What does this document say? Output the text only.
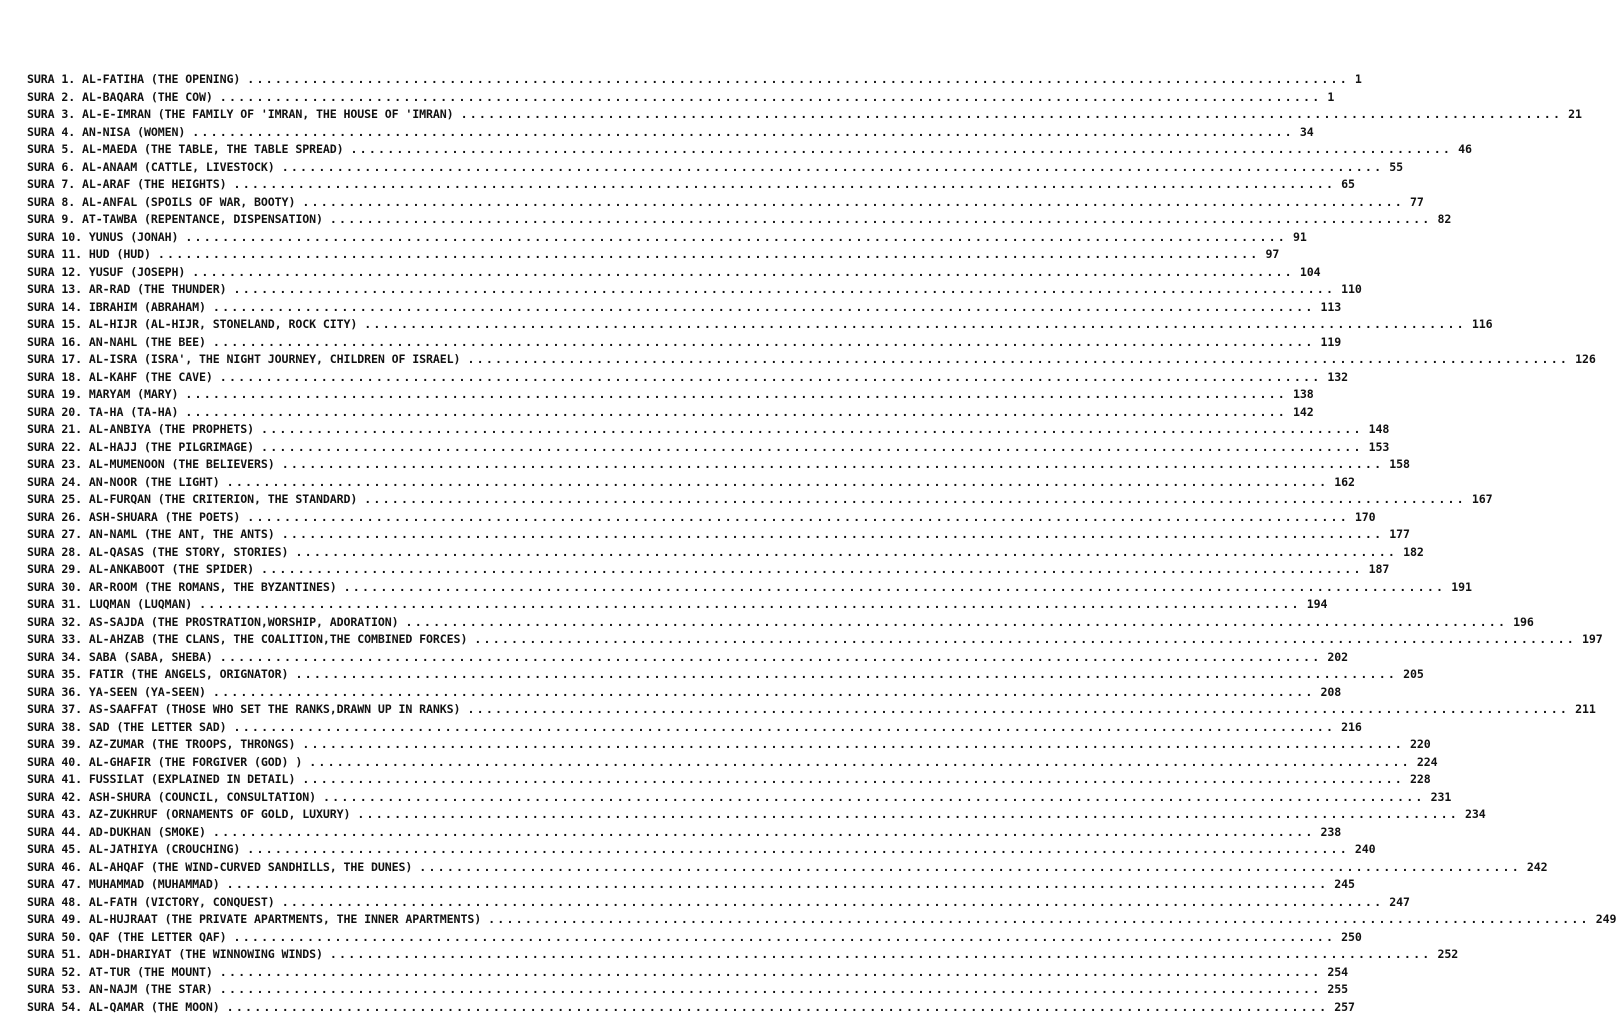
SURA 1. AL-FATIHA (THE OPENING) ........................................................................................................................ 1
SURA 2. AL-BAQARA (THE COW) ........................................................................................................................ 1
SURA 3. AL-E-IMRAN (THE FAMILY OF 'IMRAN, THE HOUSE OF 'IMRAN) ........................................................................................................................ 21
SURA 4. AN-NISA (WOMEN) ........................................................................................................................ 34
SURA 5. AL-MAEDA (THE TABLE, THE TABLE SPREAD) ........................................................................................................................ 46
SURA 6. AL-ANAAM (CATTLE, LIVESTOCK) ........................................................................................................................ 55
SURA 7. AL-ARAF (THE HEIGHTS) ........................................................................................................................ 65
SURA 8. AL-ANFAL (SPOILS OF WAR, BOOTY) ........................................................................................................................ 77
SURA 9. AT-TAWBA (REPENTANCE, DISPENSATION) ........................................................................................................................ 82
SURA 10. YUNUS (JONAH) ........................................................................................................................ 91
SURA 11. HUD (HUD) ........................................................................................................................ 97
SURA 12. YUSUF (JOSEPH) ........................................................................................................................ 104
SURA 13. AR-RAD (THE THUNDER) ........................................................................................................................ 110
SURA 14. IBRAHIM (ABRAHAM) ........................................................................................................................ 113
SURA 15. AL-HIJR (AL-HIJR, STONELAND, ROCK CITY) ........................................................................................................................ 116
SURA 16. AN-NAHL (THE BEE) ........................................................................................................................ 119
SURA 17. AL-ISRA (ISRA', THE NIGHT JOURNEY, CHILDREN OF ISRAEL) ........................................................................................................................ 126
SURA 18. AL-KAHF (THE CAVE) ........................................................................................................................ 132
SURA 19. MARYAM (MARY) ........................................................................................................................ 138
SURA 20. TA-HA (TA-HA) ........................................................................................................................ 142
SURA 21. AL-ANBIYA (THE PROPHETS) ........................................................................................................................ 148
SURA 22. AL-HAJJ (THE PILGRIMAGE) ........................................................................................................................ 153
SURA 23. AL-MUMENOON (THE BELIEVERS) ........................................................................................................................ 158
SURA 24. AN-NOOR (THE LIGHT) ........................................................................................................................ 162
SURA 25. AL-FURQAN (THE CRITERION, THE STANDARD) ........................................................................................................................ 167
SURA 26. ASH-SHUARA (THE POETS) ........................................................................................................................ 170
SURA 27. AN-NAML (THE ANT, THE ANTS) ........................................................................................................................ 177
SURA 28. AL-QASAS (THE STORY, STORIES) ........................................................................................................................ 182
SURA 29. AL-ANKABOOT (THE SPIDER) ........................................................................................................................ 187
SURA 30. AR-ROOM (THE ROMANS, THE BYZANTINES) ........................................................................................................................ 191
SURA 31. LUQMAN (LUQMAN) ........................................................................................................................ 194
SURA 32. AS-SAJDA (THE PROSTRATION,WORSHIP, ADORATION) ........................................................................................................................ 196
SURA 33. AL-AHZAB (THE CLANS, THE COALITION,THE COMBINED FORCES) ........................................................................................................................ 197
SURA 34. SABA (SABA, SHEBA) ........................................................................................................................ 202
SURA 35. FATIR (THE ANGELS, ORIGNATOR) ........................................................................................................................ 205
SURA 36. YA-SEEN (YA-SEEN) ........................................................................................................................ 208
SURA 37. AS-SAAFFAT (THOSE WHO SET THE RANKS,DRAWN UP IN RANKS) ........................................................................................................................ 211
SURA 38. SAD (THE LETTER SAD) ........................................................................................................................ 216
SURA 39. AZ-ZUMAR (THE TROOPS, THRONGS) ........................................................................................................................ 220
SURA 40. AL-GHAFIR (THE FORGIVER (GOD) ) ........................................................................................................................ 224
SURA 41. FUSSILAT (EXPLAINED IN DETAIL) ........................................................................................................................ 228
SURA 42. ASH-SHURA (COUNCIL, CONSULTATION) ........................................................................................................................ 231
SURA 43. AZ-ZUKHRUF (ORNAMENTS OF GOLD, LUXURY) ........................................................................................................................ 234
SURA 44. AD-DUKHAN (SMOKE) ........................................................................................................................ 238
SURA 45. AL-JATHIYA (CROUCHING) ........................................................................................................................ 240
SURA 46. AL-AHQAF (THE WIND-CURVED SANDHILLS, THE DUNES) ........................................................................................................................ 242
SURA 47. MUHAMMAD (MUHAMMAD) ........................................................................................................................ 245
SURA 48. AL-FATH (VICTORY, CONQUEST) ........................................................................................................................ 247
SURA 49. AL-HUJRAAT (THE PRIVATE APARTMENTS, THE INNER APARTMENTS) ........................................................................................................................ 249
SURA 50. QAF (THE LETTER QAF) ........................................................................................................................ 250
SURA 51. ADH-DHARIYAT (THE WINNOWING WINDS) ........................................................................................................................ 252
SURA 52. AT-TUR (THE MOUNT) ........................................................................................................................ 254
SURA 53. AN-NAJM (THE STAR) ........................................................................................................................ 255
SURA 54. AL-QAMAR (THE MOON) ........................................................................................................................ 257
